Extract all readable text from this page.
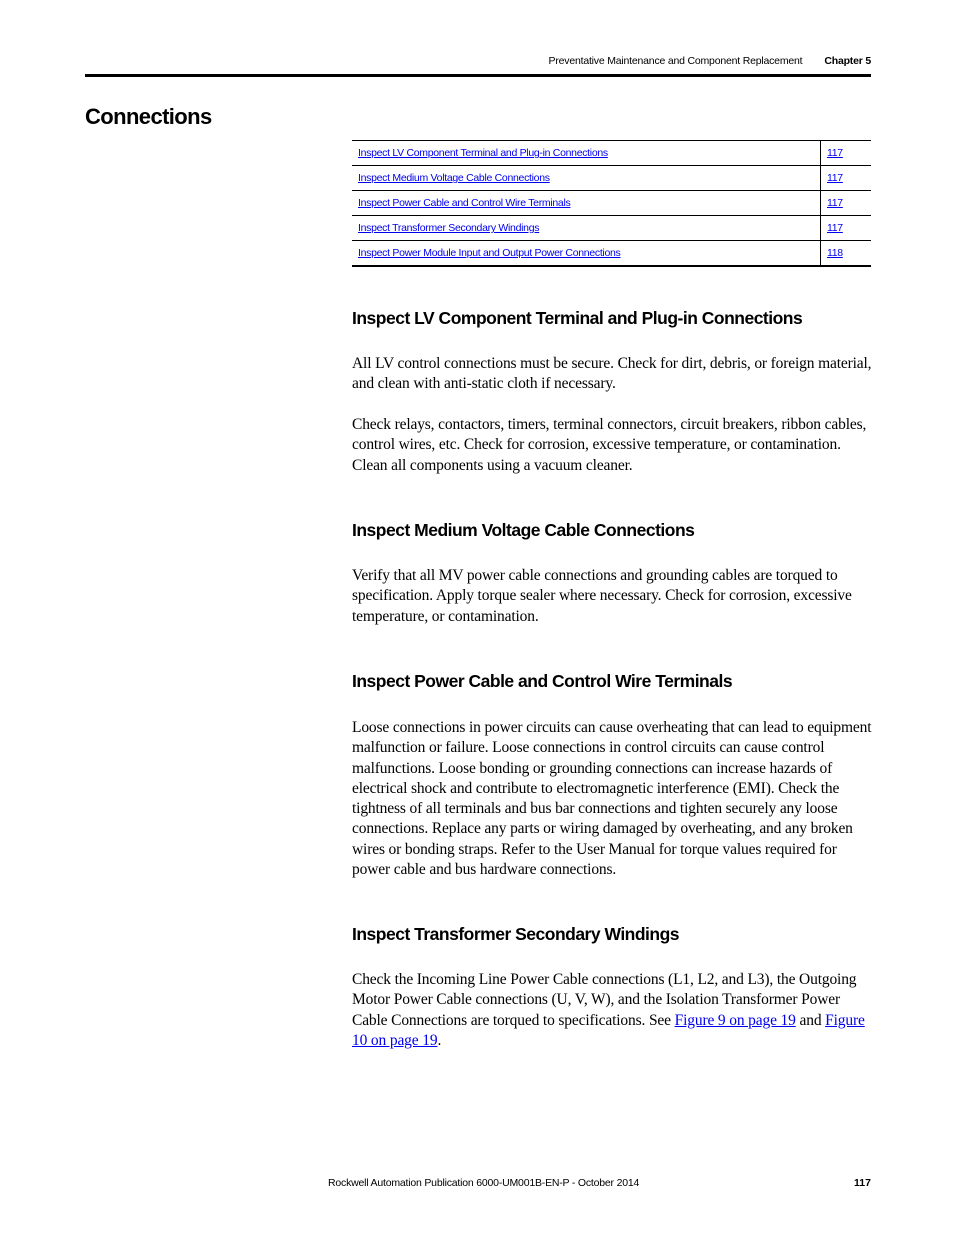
Preventative Maintenance and Component Replacement Chapter 5
Connections
Inspect LV Component Terminal and Plug-in Connections	117
Inspect Medium Voltage Cable Connections	117
Inspect Power Cable and Control Wire Terminals	117
Inspect Transformer Secondary Windings	117
Inspect Power Module Input and Output Power Connections	118
Inspect LV Component Terminal and Plug-in Connections

All LV control connections must be secure. Check for dirt, debris, or foreign material, and clean with anti-static cloth if necessary.

Check relays, contactors, timers, terminal connectors, circuit breakers, ribbon cables, control wires, etc. Check for corrosion, excessive temperature, or contamination. Clean all components using a vacuum cleaner.

Inspect Medium Voltage Cable Connections

Verify that all MV power cable connections and grounding cables are torqued to specification. Apply torque sealer where necessary. Check for corrosion, excessive temperature, or contamination.

Inspect Power Cable and Control Wire Terminals

Loose connections in power circuits can cause overheating that can lead to equipment malfunction or failure. Loose connections in control circuits can cause control malfunctions. Loose bonding or grounding connections can increase hazards of electrical shock and contribute to electromagnetic interference (EMI). Check the tightness of all terminals and bus bar connections and tighten securely any loose connections. Replace any parts or wiring damaged by overheating, and any broken wires or bonding straps. Refer to the User Manual for torque values required for power cable and bus hardware connections.

Inspect Transformer Secondary Windings

Check the Incoming Line Power Cable connections (L1, L2, and L3), the Outgoing Motor Power Cable connections (U, V, W), and the Isolation Transformer Power Cable Connections are torqued to specifications. See Figure 9 on page 19 and Figure 10 on page 19.

Rockwell Automation Publication 6000-UM001B-EN-P - October 2014	117
